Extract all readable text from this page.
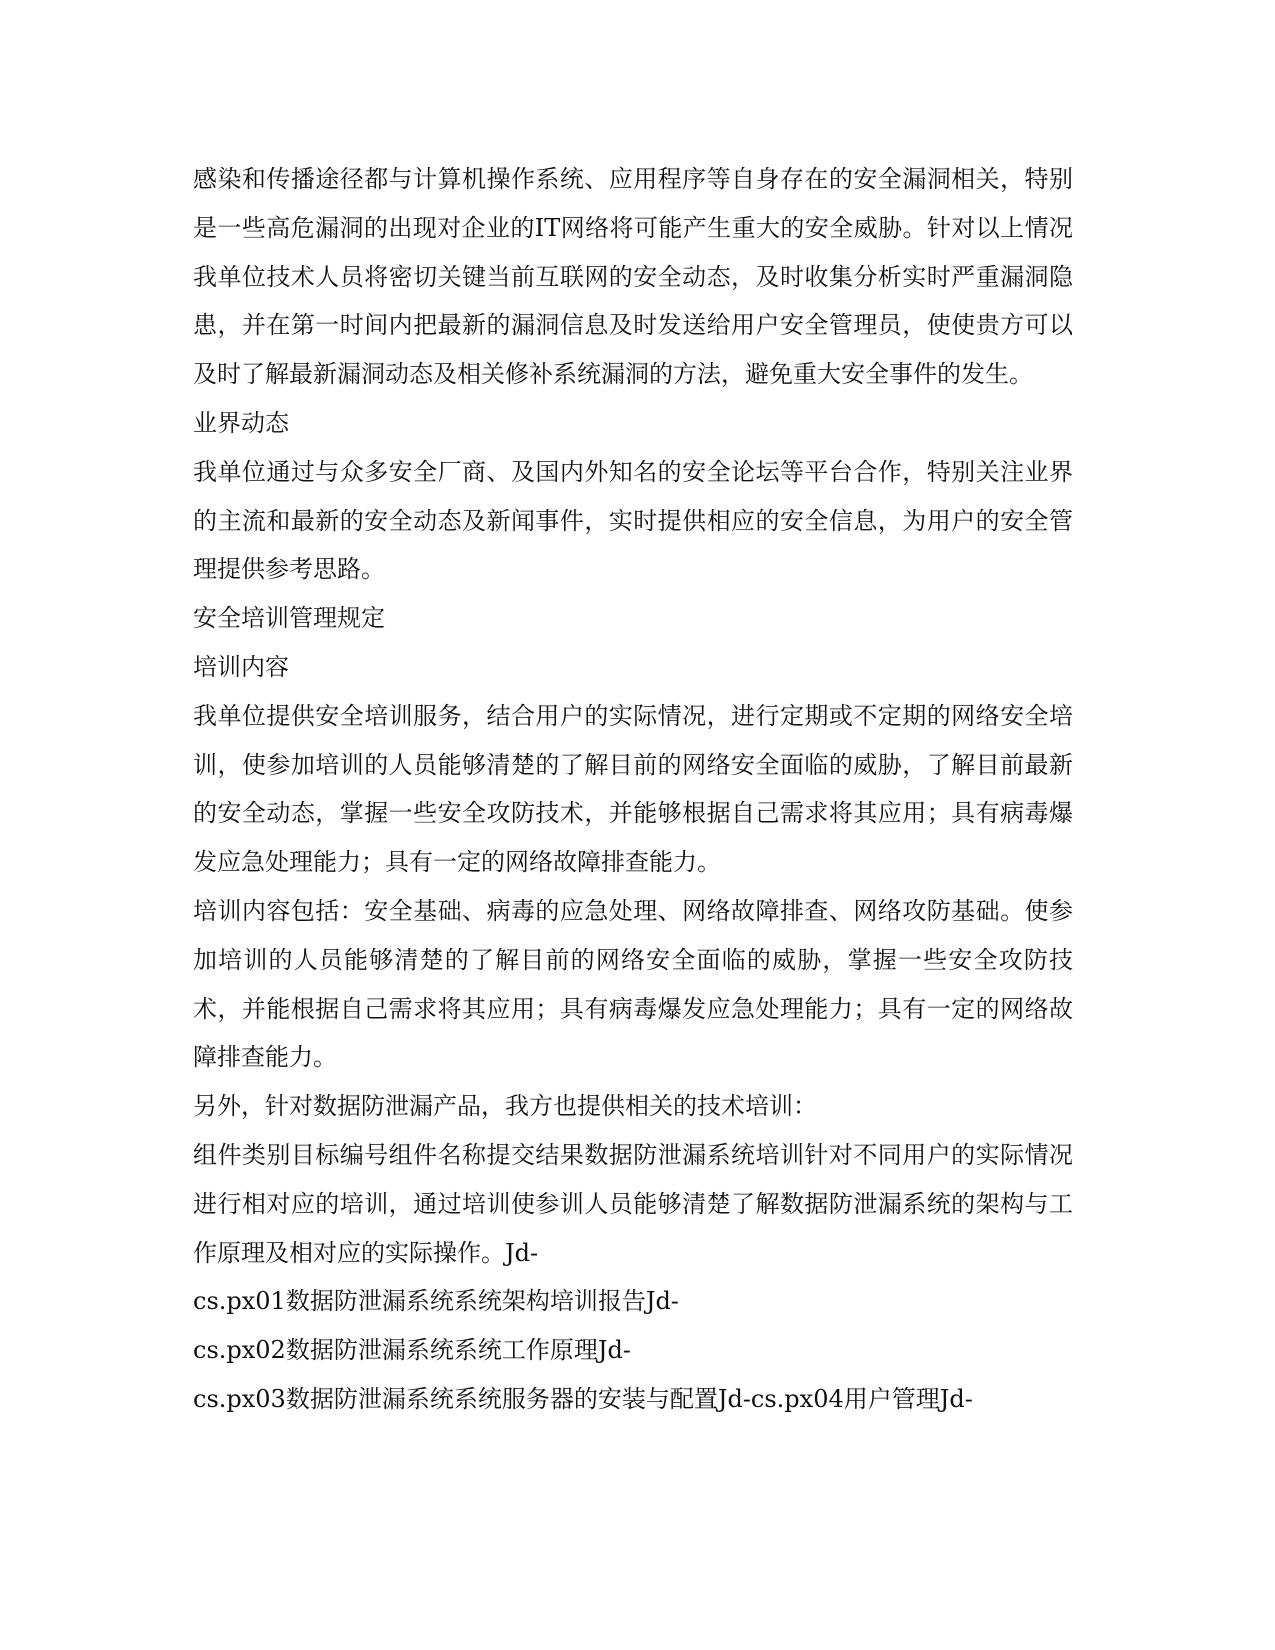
感染和传播途径都与计算机操作系统、应用程序等自身存在的安全漏洞相关，特别是一些高危漏洞的出现对企业的IT网络将可能产生重大的安全威胁。针对以上情况我单位技术人员将密切关键当前互联网的安全动态，及时收集分析实时严重漏洞隐患，并在第一时间内把最新的漏洞信息及时发送给用户安全管理员，使使贵方可以及时了解最新漏洞动态及相关修补系统漏洞的方法，避免重大安全事件的发生。

业界动态

我单位通过与众多安全厂商、及国内外知名的安全论坛等平台合作，特别关注业界的主流和最新的安全动态及新闻事件，实时提供相应的安全信息，为用户的安全管理提供参考思路。

安全培训管理规定

培训内容

我单位提供安全培训服务，结合用户的实际情况，进行定期或不定期的网络安全培训，使参加培训的人员能够清楚的了解目前的网络安全面临的威胁，了解目前最新的安全动态，掌握一些安全攻防技术，并能够根据自己需求将其应用；具有病毒爆发应急处理能力；具有一定的网络故障排查能力。

培训内容包括：安全基础、病毒的应急处理、网络故障排查、网络攻防基础。使参加培训的人员能够清楚的了解目前的网络安全面临的威胁，掌握一些安全攻防技术，并能根据自己需求将其应用；具有病毒爆发应急处理能力；具有一定的网络故障排查能力。

另外，针对数据防泄漏产品，我方也提供相关的技术培训：

组件类别目标编号组件名称提交结果数据防泄漏系统培训针对不同用户的实际情况进行相对应的培训，通过培训使参训人员能够清楚了解数据防泄漏系统的架构与工作原理及相对应的实际操作。Jd-

cs.px01数据防泄漏系统系统架构培训报告Jd-

cs.px02数据防泄漏系统系统工作原理Jd-

cs.px03数据防泄漏系统系统服务器的安装与配置Jd-cs.px04用户管理Jd-
